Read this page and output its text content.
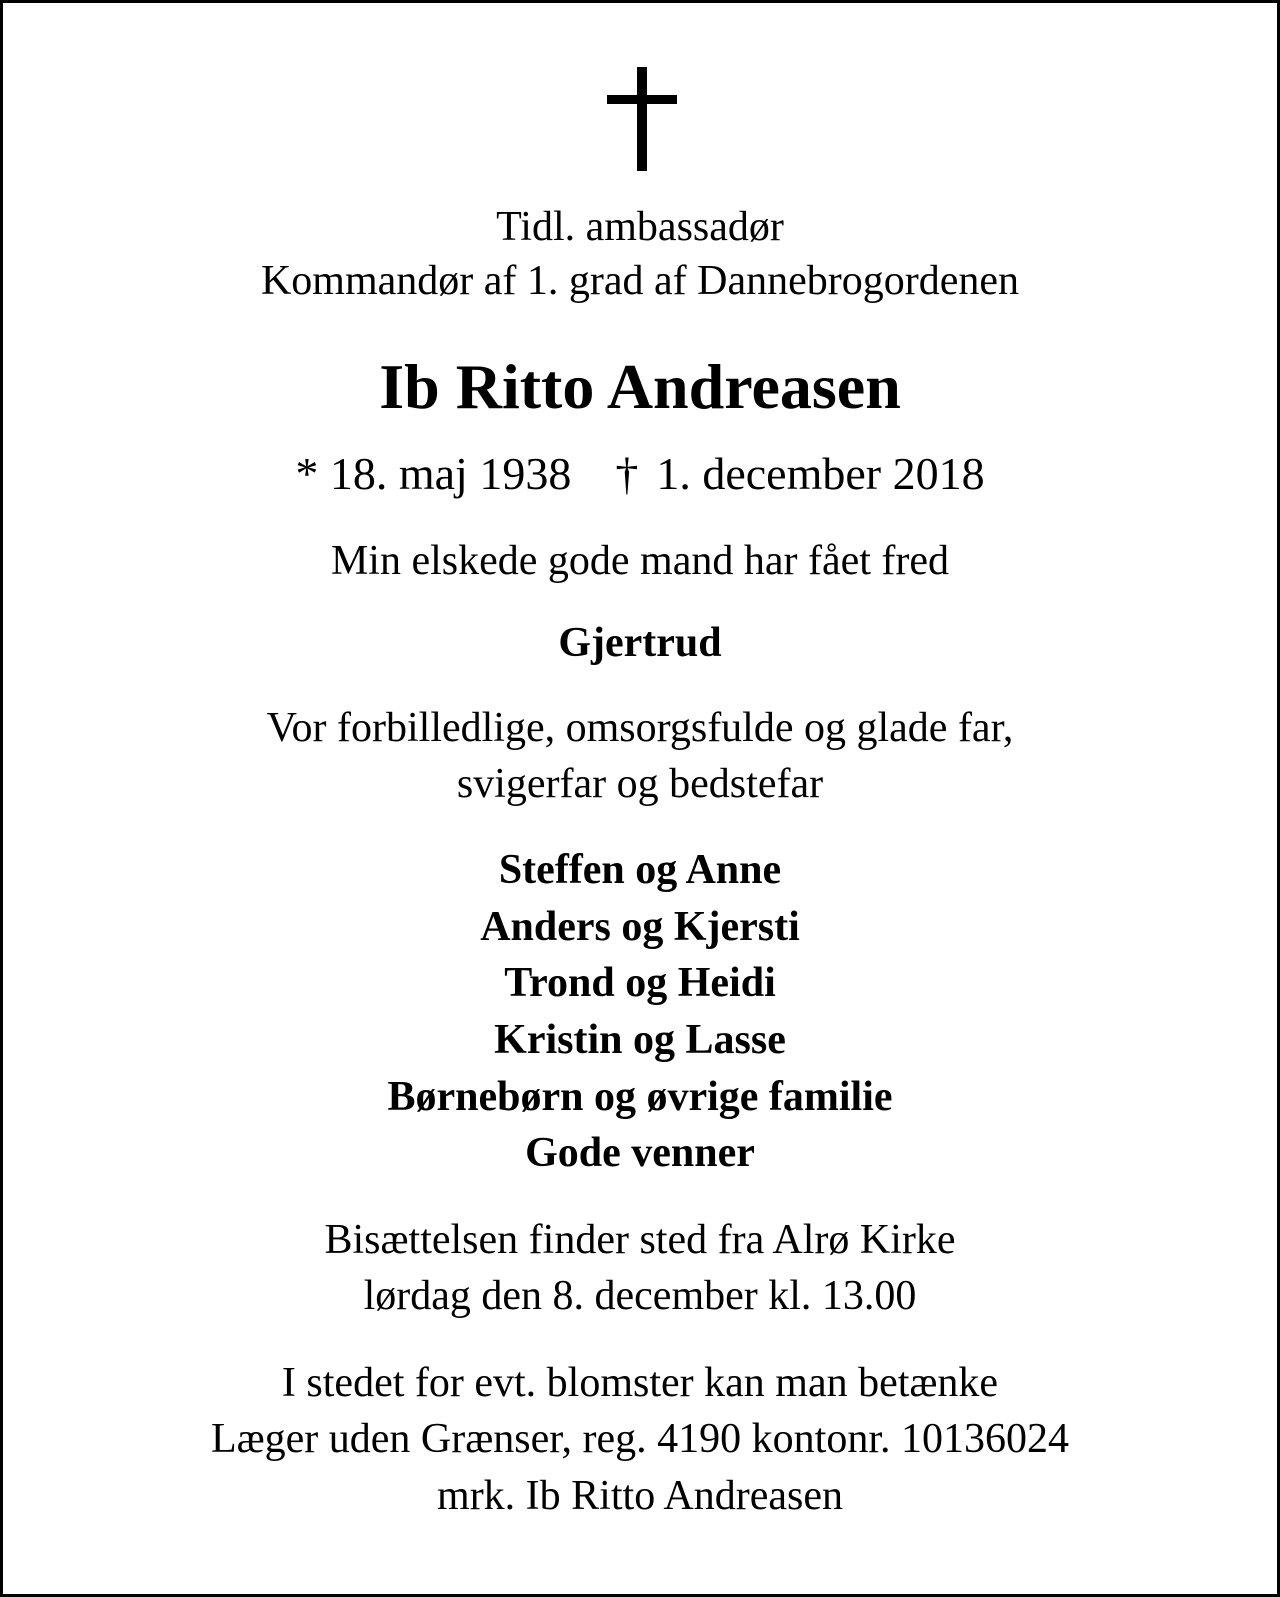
Tidl. ambassadør
Kommandør af 1. grad af Dannebrogordenen
Ib Ritto Andreasen
* 18. maj 1938 † 1. december 2018
Min elskede gode mand har fået fred
Gjertrud
Vor forbilledlige, omsorgsfulde og glade far,
svigerfar og bedstefar
Steffen og Anne
Anders og Kjersti
Trond og Heidi
Kristin og Lasse
Børnebørn og øvrige familie
Gode venner
Bisættelsen finder sted fra Alrø Kirke
lørdag den 8. december kl. 13.00
I stedet for evt. blomster kan man betænke
Læger uden Grænser, reg. 4190 kontonr. 10136024
mrk. Ib Ritto Andreasen
